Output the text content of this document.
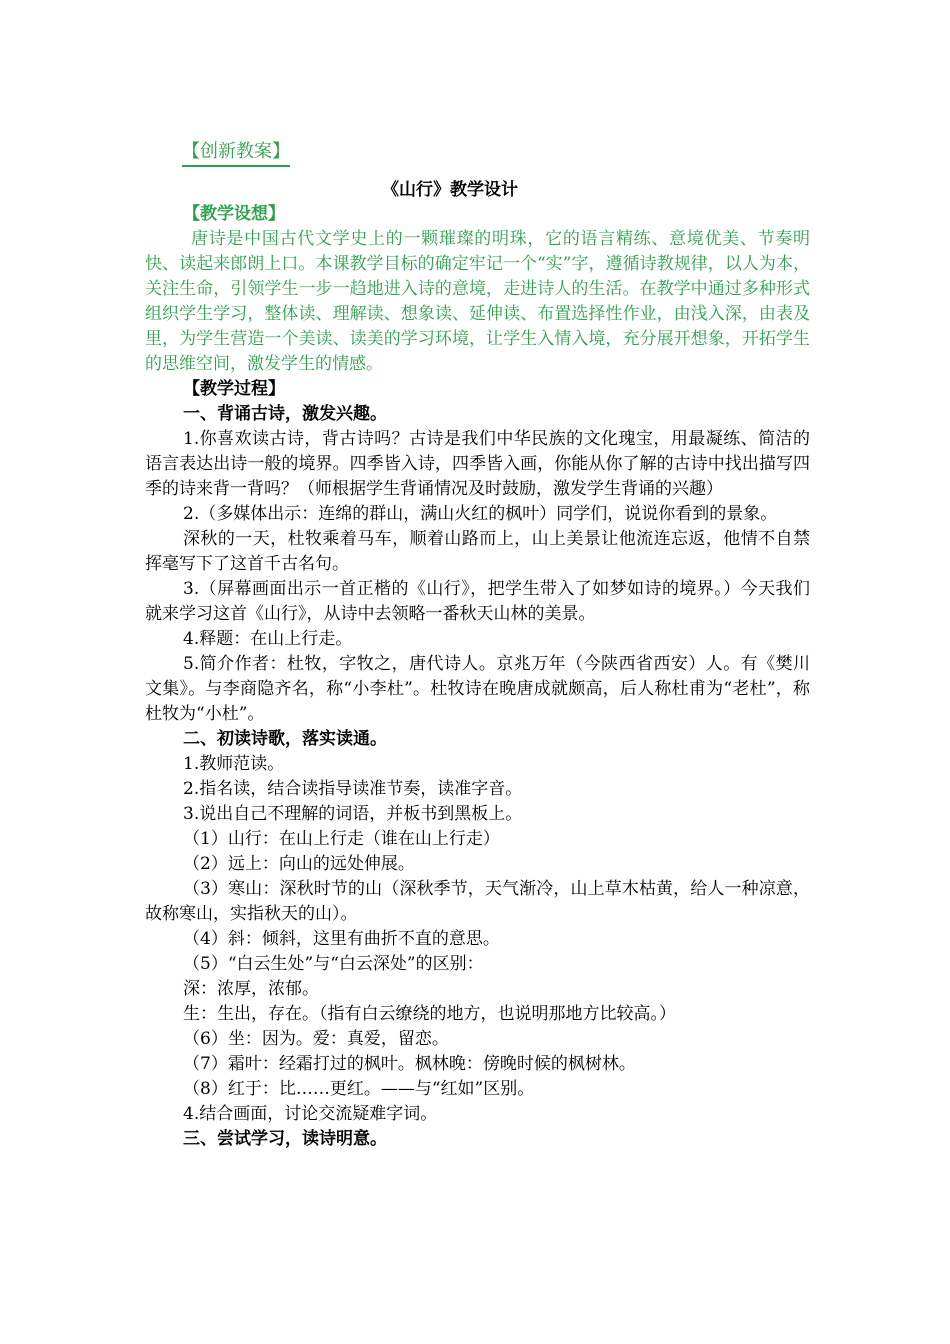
【创新教案】
《山行》教学设计

【教学设想】

唐诗是中国古代文学史上的一颗璀璨的明珠，它的语言精练、意境优美、节奏明快、读起来郎朗上口。本课教学目标的确定牢记一个“实”字，遵循诗教规律，以人为本，关注生命，引领学生一步一趋地进入诗的意境，走进诗人的生活。在教学中通过多种形式组织学生学习，整体读、理解读、想象读、延伸读、布置选择性作业，由浅入深，由表及里，为学生营造一个美读、读美的学习环境，让学生入情入境，充分展开想象，开拓学生的思维空间，激发学生的情感。

【教学过程】

一、背诵古诗，激发兴趣。

1.你喜欢读古诗，背古诗吗？古诗是我们中华民族的文化瑰宝，用最凝练、简洁的语言表达出诗一般的境界。四季皆入诗，四季皆入画，你能从你了解的古诗中找出描写四季的诗来背一背吗？（师根据学生背诵情况及时鼓励，激发学生背诵的兴趣）

2.（多媒体出示：连绵的群山，满山火红的枫叶）同学们，说说你看到的景象。

深秋的一天，杜牧乘着马车，顺着山路而上，山上美景让他流连忘返，他情不自禁挥毫写下了这首千古名句。

3.（屏幕画面出示一首正楷的《山行》，把学生带入了如梦如诗的境界。）今天我们就来学习这首《山行》，从诗中去领略一番秋天山林的美景。

4.释题：在山上行走。

5.简介作者：杜牧，字牧之，唐代诗人。京兆万年（今陕西省西安）人。有《樊川文集》。与李商隐齐名，称“小李杜”。杜牧诗在晚唐成就颇高，后人称杜甫为“老杜”，称杜牧为“小杜”。

二、初读诗歌，落实读通。

1.教师范读。

2.指名读，结合读指导读准节奏，读准字音。

3.说出自己不理解的词语，并板书到黑板上。

（1）山行：在山上行走（谁在山上行走）

（2）远上：向山的远处伸展。

（3）寒山：深秋时节的山（深秋季节，天气渐冷，山上草木枯黄，给人一种凉意，故称寒山，实指秋天的山）。

（4）斜：倾斜，这里有曲折不直的意思。

（5）“白云生处”与“白云深处”的区别：

深：浓厚，浓郁。

生：生出，存在。（指有白云缭绕的地方，也说明那地方比较高。）

（6）坐：因为。爱：真爱，留恋。

（7）霜叶：经霜打过的枫叶。枫林晚：傍晚时候的枫树林。

（8）红于：比……更红。——与“红如”区别。

4.结合画面，讨论交流疑难字词。

三、尝试学习，读诗明意。
